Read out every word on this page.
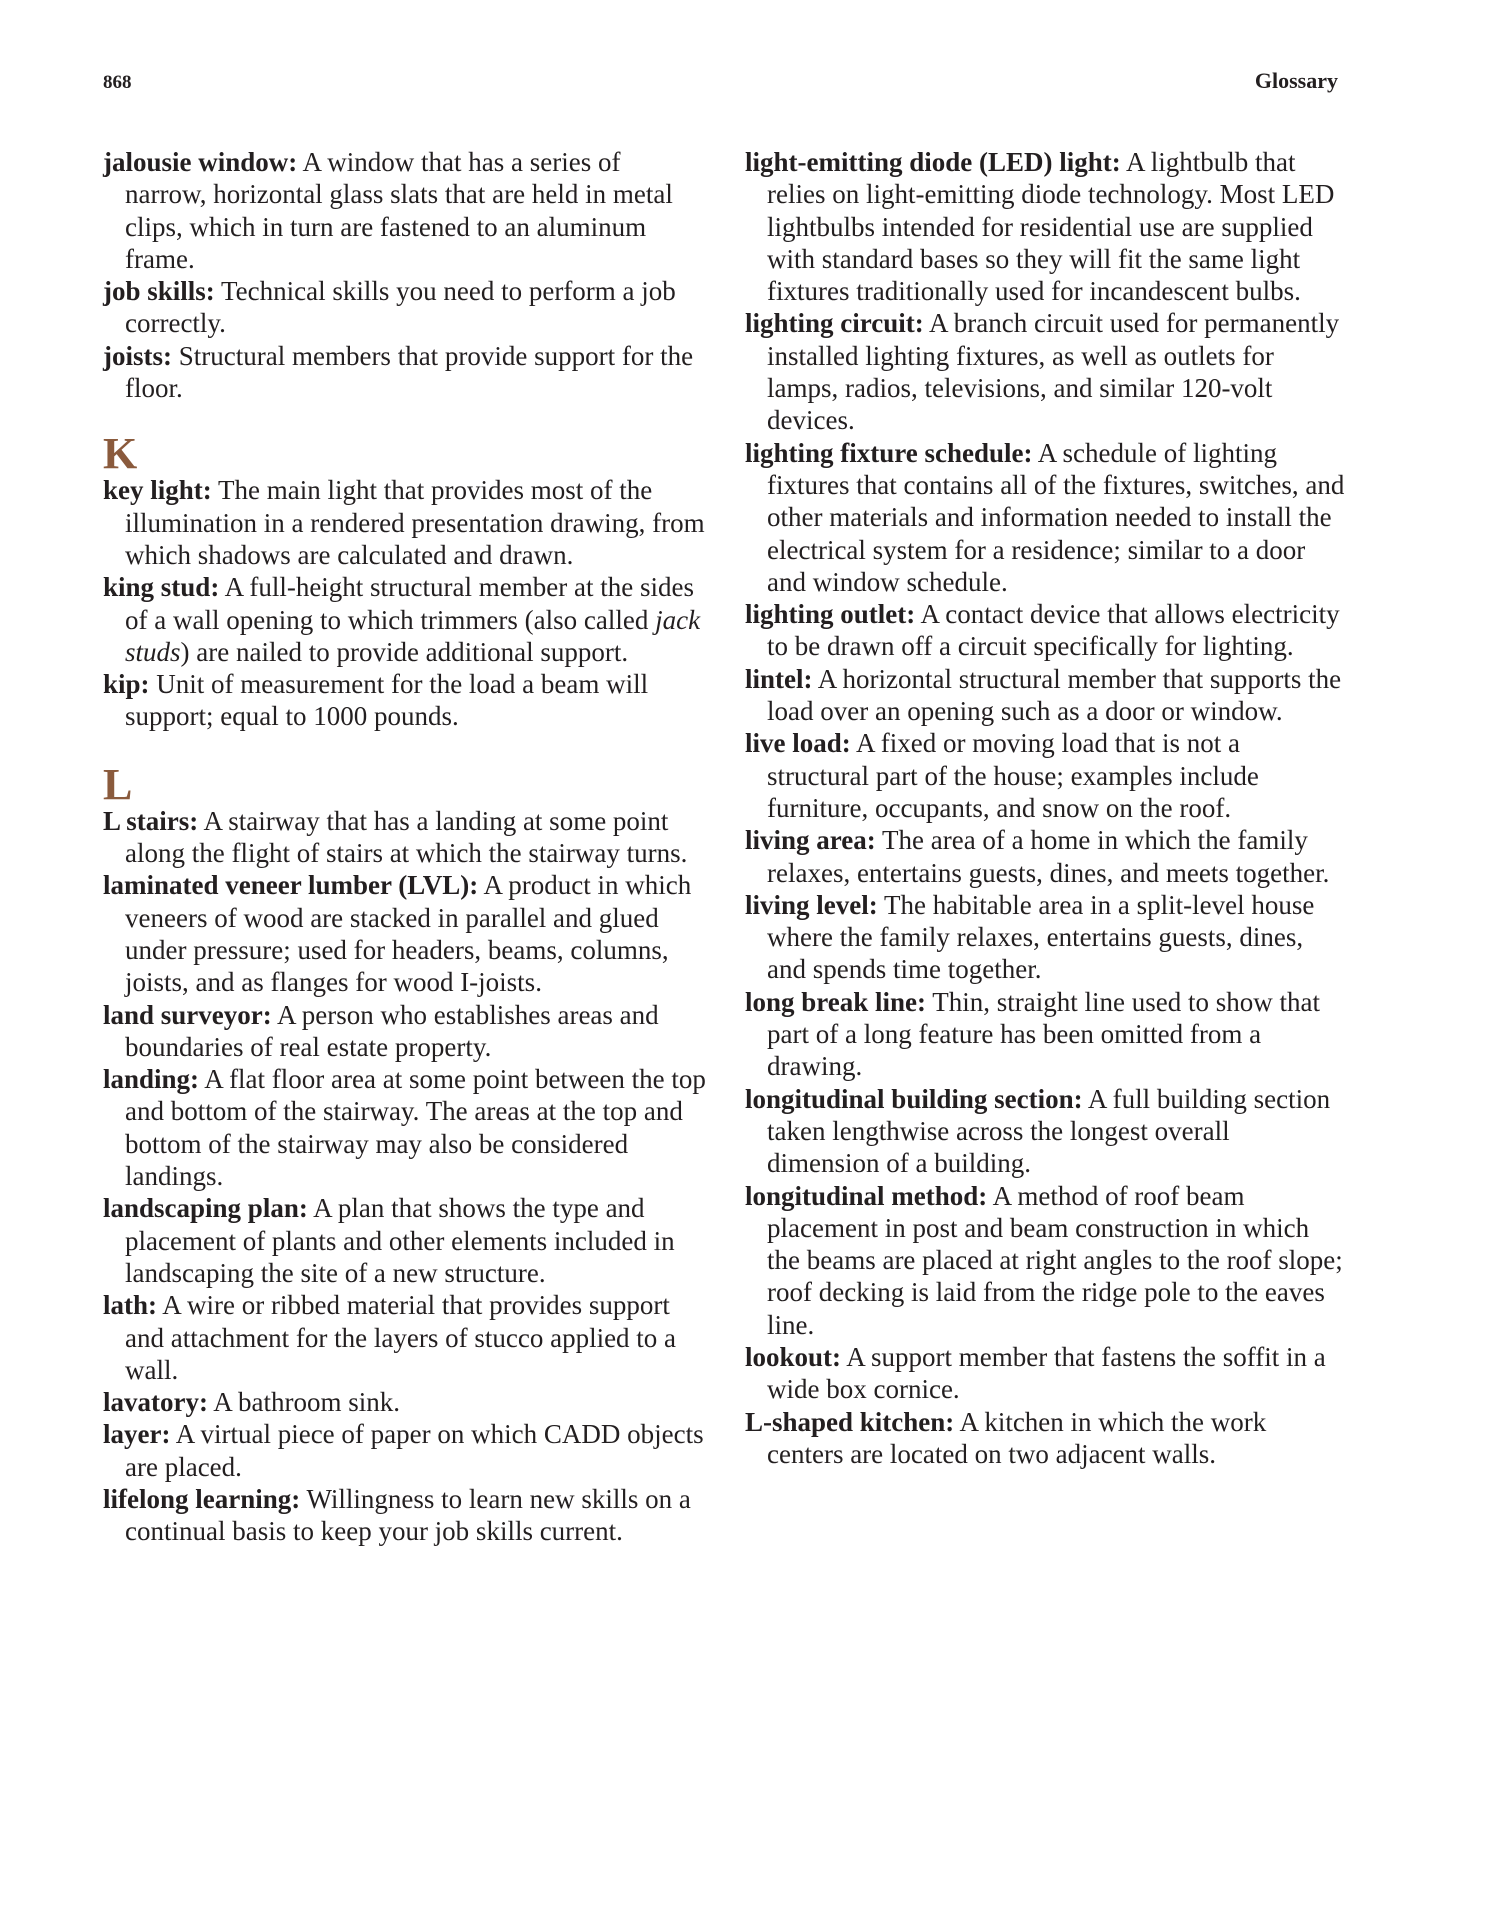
868	Glossary

jalousie window: A window that has a series of narrow, horizontal glass slats that are held in metal clips, which in turn are fastened to an aluminum frame.

job skills: Technical skills you need to perform a job correctly.

joists: Structural members that provide support for the floor.

K

key light: The main light that provides most of the illumination in a rendered presentation drawing, from which shadows are calculated and drawn.

king stud: A full-height structural member at the sides of a wall opening to which trimmers (also called jack studs) are nailed to provide additional support.

kip: Unit of measurement for the load a beam will support; equal to 1000 pounds.

L

L stairs: A stairway that has a landing at some point along the flight of stairs at which the stairway turns.

laminated veneer lumber (LVL): A product in which veneers of wood are stacked in parallel and glued under pressure; used for headers, beams, columns, joists, and as flanges for wood I-joists.

land surveyor: A person who establishes areas and boundaries of real estate property.

landing: A flat floor area at some point between the top and bottom of the stairway. The areas at the top and bottom of the stairway may also be considered landings.

landscaping plan: A plan that shows the type and placement of plants and other elements included in landscaping the site of a new structure.

lath: A wire or ribbed material that provides support and attachment for the layers of stucco applied to a wall.

lavatory: A bathroom sink.

layer: A virtual piece of paper on which CADD objects are placed.

lifelong learning: Willingness to learn new skills on a continual basis to keep your job skills current.

light-emitting diode (LED) light: A lightbulb that relies on light-emitting diode technology. Most LED lightbulbs intended for residential use are supplied with standard bases so they will fit the same light fixtures traditionally used for incandescent bulbs.

lighting circuit: A branch circuit used for permanently installed lighting fixtures, as well as outlets for lamps, radios, televisions, and similar 120-volt devices.

lighting fixture schedule: A schedule of lighting fixtures that contains all of the fixtures, switches, and other materials and information needed to install the electrical system for a residence; similar to a door and window schedule.

lighting outlet: A contact device that allows electricity to be drawn off a circuit specifically for lighting.

lintel: A horizontal structural member that supports the load over an opening such as a door or window.

live load: A fixed or moving load that is not a structural part of the house; examples include furniture, occupants, and snow on the roof.

living area: The area of a home in which the family relaxes, entertains guests, dines, and meets together.

living level: The habitable area in a split-level house where the family relaxes, entertains guests, dines, and spends time together.

long break line: Thin, straight line used to show that part of a long feature has been omitted from a drawing.

longitudinal building section: A full building section taken lengthwise across the longest overall dimension of a building.

longitudinal method: A method of roof beam placement in post and beam construction in which the beams are placed at right angles to the roof slope; roof decking is laid from the ridge pole to the eaves line.

lookout: A support member that fastens the soffit in a wide box cornice.

L-shaped kitchen: A kitchen in which the work centers are located on two adjacent walls.
